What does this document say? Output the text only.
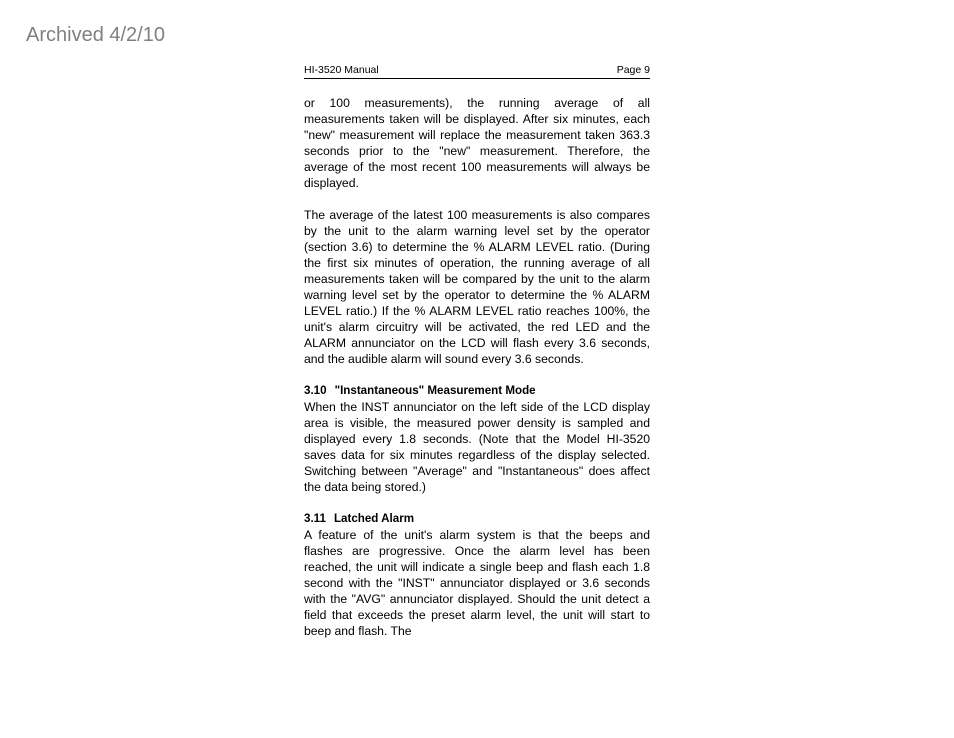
Archived 4/2/10
HI-3520 Manual	Page 9

or 100 measurements), the running average of all measurements taken will be displayed. After six minutes, each "new" measurement will replace the measurement taken 363.3 seconds prior to the "new" measurement. Therefore, the average of the most recent 100 measurements will always be displayed.

The average of the latest 100 measurements is also compares by the unit to the alarm warning level set by the operator (section 3.6) to determine the % ALARM LEVEL ratio. (During the first six minutes of operation, the running average of all measurements taken will be compared by the unit to the alarm warning level set by the operator to determine the % ALARM LEVEL ratio.) If the % ALARM LEVEL ratio reaches 100%, the unit's alarm circuitry will be activated, the red LED and the ALARM annunciator on the LCD will flash every 3.6 seconds, and the audible alarm will sound every 3.6 seconds.

3.10 "Instantaneous" Measurement Mode
When the INST annunciator on the left side of the LCD display area is visible, the measured power density is sampled and displayed every 1.8 seconds. (Note that the Model HI-3520 saves data for six minutes regardless of the display selected. Switching between "Average" and "Instantaneous" does affect the data being stored.)

3.11 Latched Alarm
A feature of the unit's alarm system is that the beeps and flashes are progressive. Once the alarm level has been reached, the unit will indicate a single beep and flash each 1.8 second with the "INST" annunciator displayed or 3.6 seconds with the "AVG" annunciator displayed. Should the unit detect a field that exceeds the preset alarm level, the unit will start to beep and flash. The
